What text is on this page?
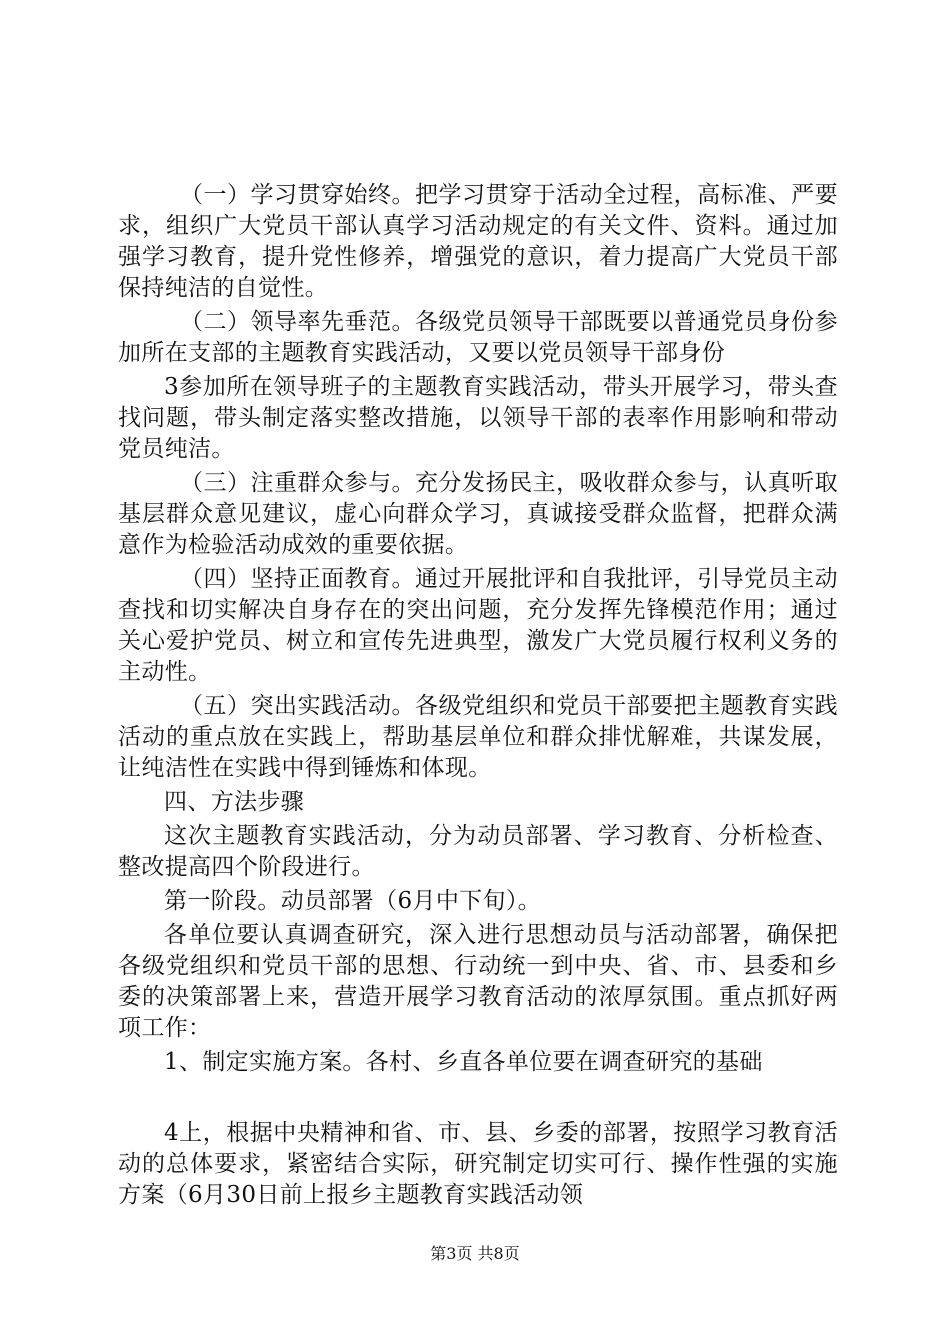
（一）学习贯穿始终。把学习贯穿于活动全过程，高标准、严要求，组织广大党员干部认真学习活动规定的有关文件、资料。通过加强学习教育，提升党性修养，增强党的意识，着力提高广大党员干部保持纯洁的自觉性。

（二）领导率先垂范。各级党员领导干部既要以普通党员身份参加所在支部的主题教育实践活动，又要以党员领导干部身份

3参加所在领导班子的主题教育实践活动，带头开展学习，带头查找问题，带头制定落实整改措施，以领导干部的表率作用影响和带动党员纯洁。

（三）注重群众参与。充分发扬民主，吸收群众参与，认真听取基层群众意见建议，虚心向群众学习，真诚接受群众监督，把群众满意作为检验活动成效的重要依据。

（四）坚持正面教育。通过开展批评和自我批评，引导党员主动查找和切实解决自身存在的突出问题，充分发挥先锋模范作用；通过关心爱护党员、树立和宣传先进典型，激发广大党员履行权利义务的主动性。

（五）突出实践活动。各级党组织和党员干部要把主题教育实践活动的重点放在实践上，帮助基层单位和群众排忧解难，共谋发展，让纯洁性在实践中得到锤炼和体现。

四、方法步骤

这次主题教育实践活动，分为动员部署、学习教育、分析检查、整改提高四个阶段进行。

第一阶段。动员部署（6月中下旬）。

各单位要认真调查研究，深入进行思想动员与活动部署，确保把各级党组织和党员干部的思想、行动统一到中央、省、市、县委和乡委的决策部署上来，营造开展学习教育活动的浓厚氛围。重点抓好两项工作：

1、制定实施方案。各村、乡直各单位要在调查研究的基础

4上，根据中央精神和省、市、县、乡委的部署，按照学习教育活动的总体要求，紧密结合实际，研究制定切实可行、操作性强的实施方案（6月30日前上报乡主题教育实践活动领

第3页 共8页
